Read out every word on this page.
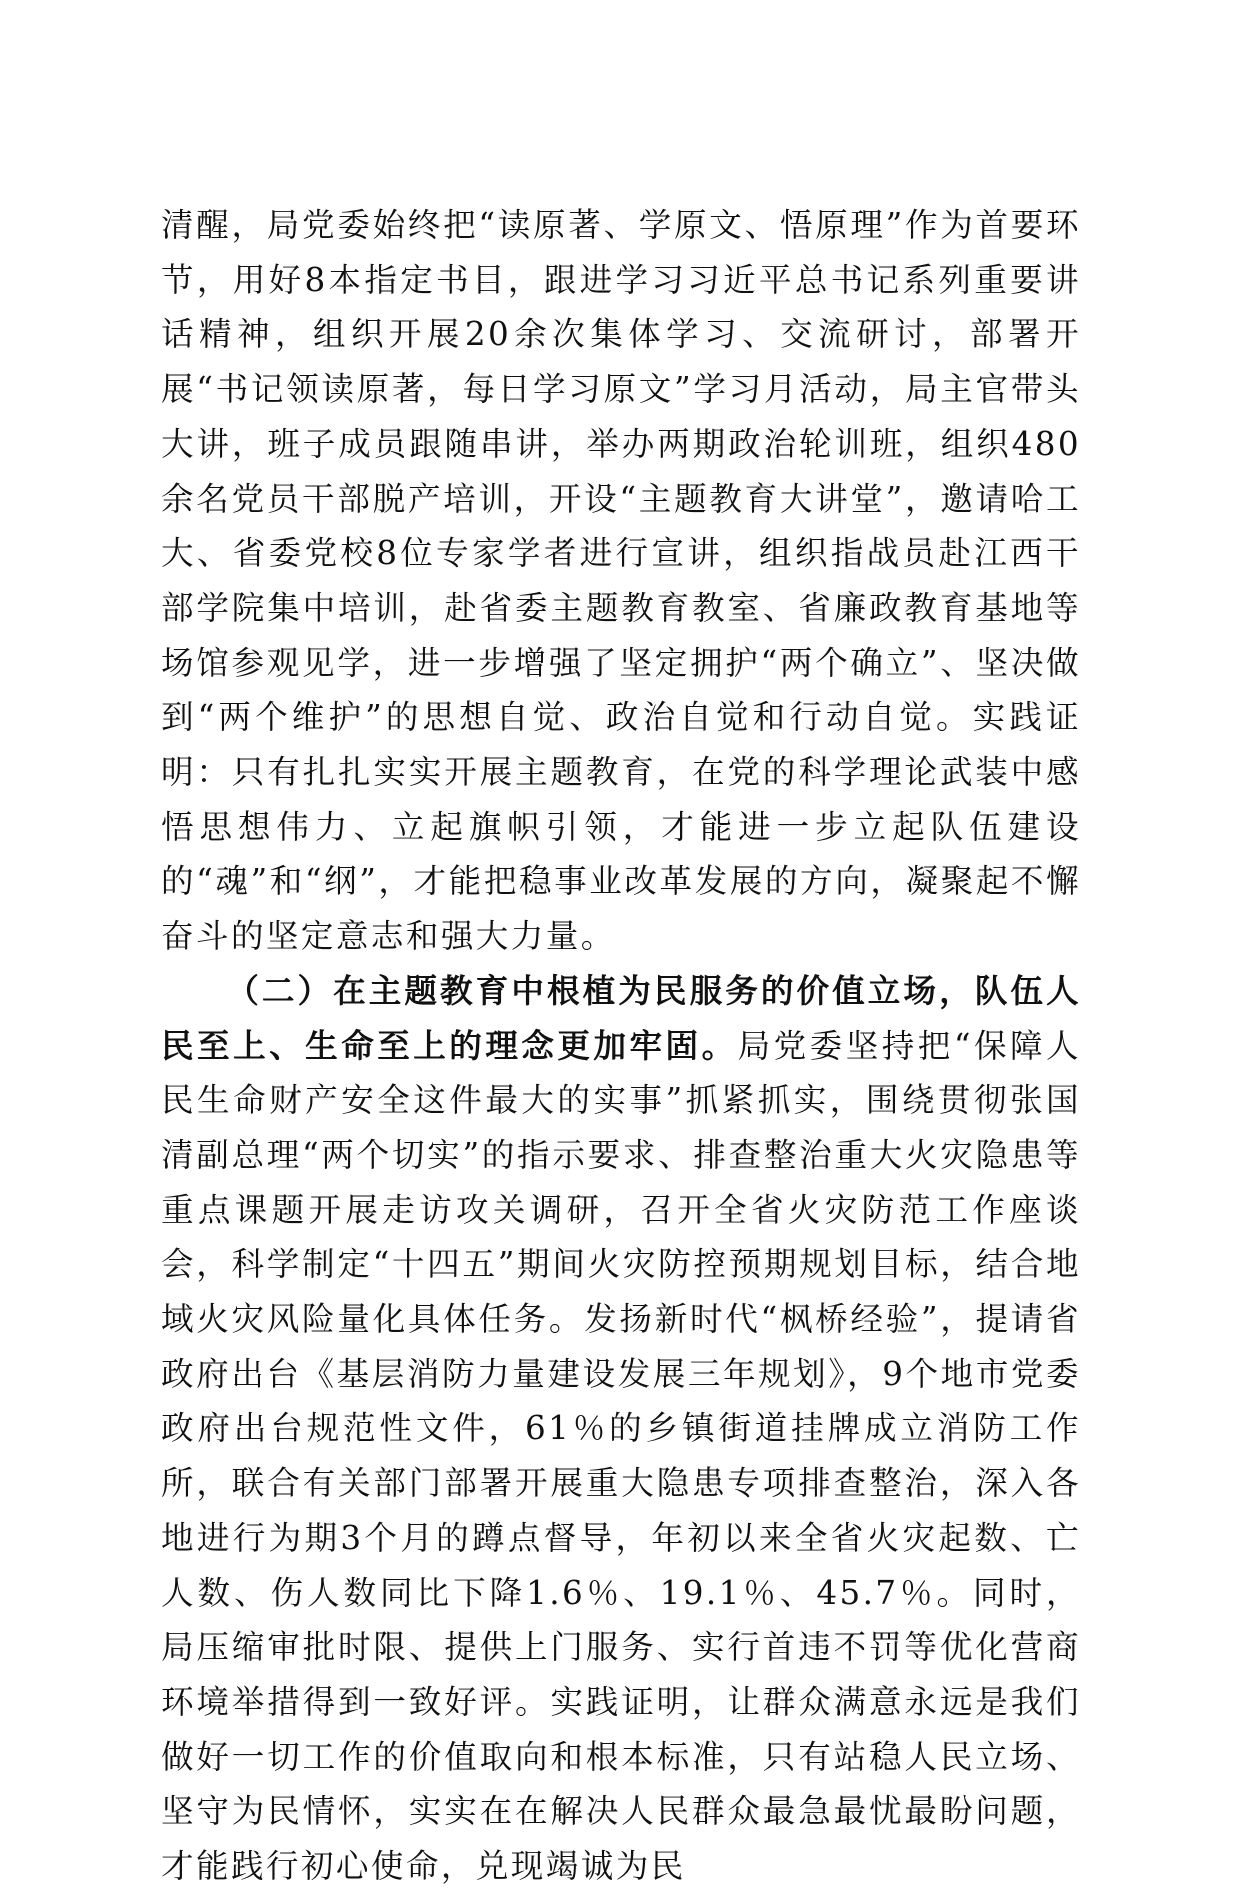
清醒，局党委始终把“读原著、学原文、悟原理”作为首要环节，用好8本指定书目，跟进学习习近平总书记系列重要讲话精神，组织开展20余次集体学习、交流研讨，部署开展“书记领读原著，每日学习原文”学习月活动，局主官带头大讲，班子成员跟随串讲，举办两期政治轮训班，组织480余名党员干部脱产培训，开设“主题教育大讲堂”，邀请哈工大、省委党校8位专家学者进行宣讲，组织指战员赴江西干部学院集中培训，赴省委主题教育教室、省廉政教育基地等场馆参观见学，进一步增强了坚定拥护“两个确立”、坚决做到“两个维护”的思想自觉、政治自觉和行动自觉。实践证明：只有扎扎实实开展主题教育，在党的科学理论武装中感悟思想伟力、立起旗帜引领，才能进一步立起队伍建设的“魂”和“纲”，才能把稳事业改革发展的方向，凝聚起不懈奋斗的坚定意志和强大力量。

（二）在主题教育中根植为民服务的价值立场，队伍人民至上、生命至上的理念更加牢固。局党委坚持把“保障人民生命财产安全这件最大的实事”抓紧抓实，围绕贯彻张国清副总理“两个切实”的指示要求、排查整治重大火灾隐患等重点课题开展走访攻关调研，召开全省火灾防范工作座谈会，科学制定“十四五”期间火灾防控预期规划目标，结合地域火灾风险量化具体任务。发扬新时代“枫桥经验”，提请省政府出台《基层消防力量建设发展三年规划》，9个地市党委政府出台规范性文件，61％的乡镇街道挂牌成立消防工作所，联合有关部门部署开展重大隐患专项排查整治，深入各地进行为期3个月的蹲点督导，年初以来全省火灾起数、亡人数、伤人数同比下降1.6％、19.1％、45.7％。同时，局压缩审批时限、提供上门服务、实行首违不罚等优化营商环境举措得到一致好评。实践证明，让群众满意永远是我们做好一切工作的价值取向和根本标准，只有站稳人民立场、坚守为民情怀，实实在在解决人民群众最急最忧最盼问题，才能践行初心使命，兑现竭诚为民
